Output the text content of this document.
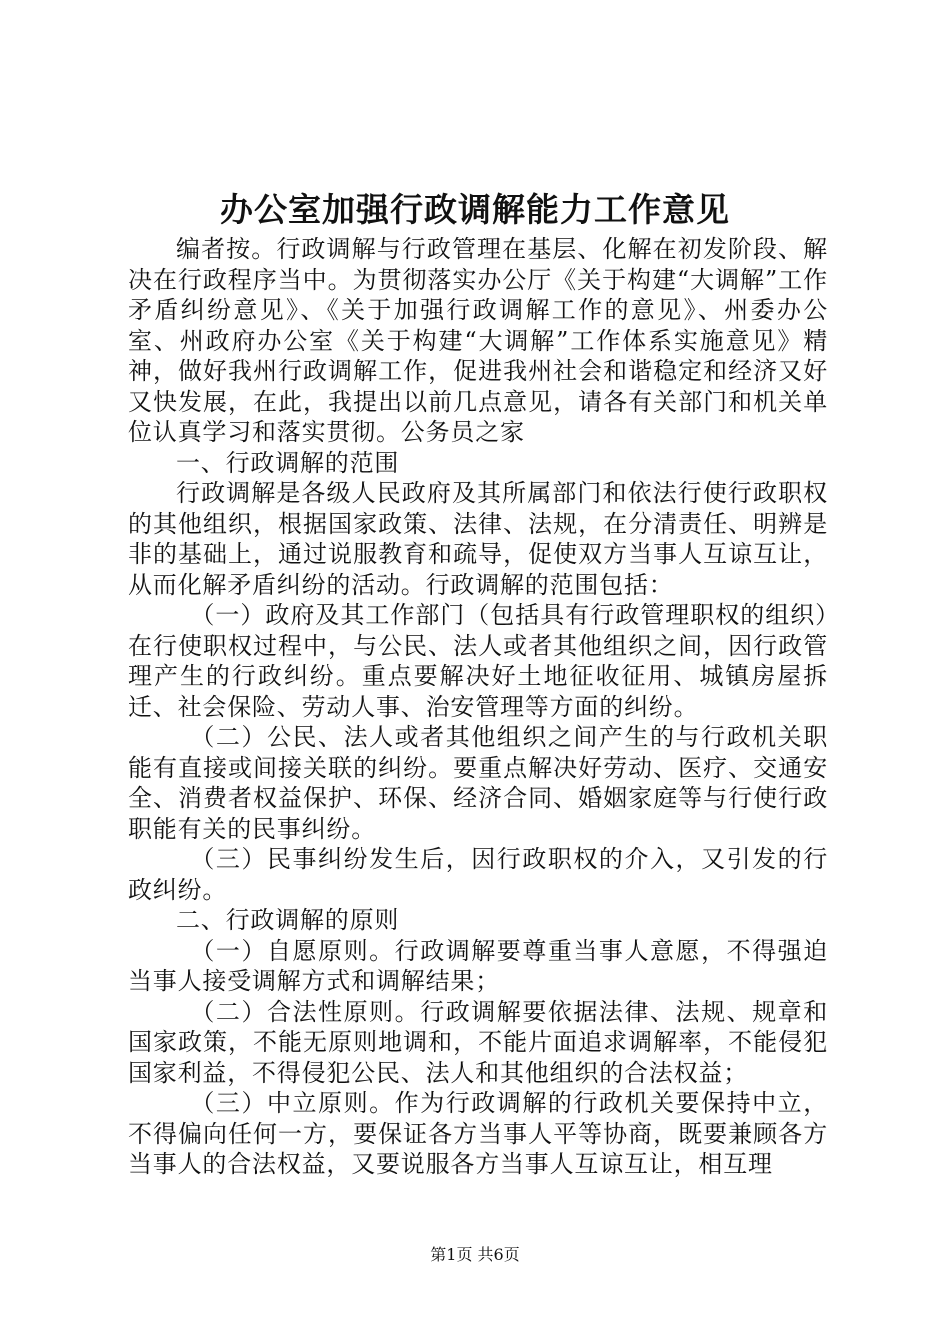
办公室加强行政调解能力工作意见

编者按。行政调解与行政管理在基层、化解在初发阶段、解决在行政程序当中。为贯彻落实办公厅《关于构建“大调解”工作矛盾纠纷意见》、《关于加强行政调解工作的意见》、州委办公室、州政府办公室《关于构建“大调解”工作体系实施意见》精神，做好我州行政调解工作，促进我州社会和谐稳定和经济又好又快发展，在此，我提出以前几点意见，请各有关部门和机关单位认真学习和落实贯彻。公务员之家

一、行政调解的范围

行政调解是各级人民政府及其所属部门和依法行使行政职权的其他组织，根据国家政策、法律、法规，在分清责任、明辨是非的基础上，通过说服教育和疏导，促使双方当事人互谅互让，从而化解矛盾纠纷的活动。行政调解的范围包括：

（一）政府及其工作部门（包括具有行政管理职权的组织）在行使职权过程中，与公民、法人或者其他组织之间，因行政管理产生的行政纠纷。重点要解决好土地征收征用、城镇房屋拆迁、社会保险、劳动人事、治安管理等方面的纠纷。

（二）公民、法人或者其他组织之间产生的与行政机关职能有直接或间接关联的纠纷。要重点解决好劳动、医疗、交通安全、消费者权益保护、环保、经济合同、婚姻家庭等与行使行政职能有关的民事纠纷。

（三）民事纠纷发生后，因行政职权的介入，又引发的行政纠纷。

二、行政调解的原则

（一）自愿原则。行政调解要尊重当事人意愿，不得强迫当事人接受调解方式和调解结果；

（二）合法性原则。行政调解要依据法律、法规、规章和国家政策，不能无原则地调和，不能片面追求调解率，不能侵犯国家利益，不得侵犯公民、法人和其他组织的合法权益；

（三）中立原则。作为行政调解的行政机关要保持中立，不得偏向任何一方，要保证各方当事人平等协商，既要兼顾各方当事人的合法权益，又要说服各方当事人互谅互让，相互理

第1页 共6页
